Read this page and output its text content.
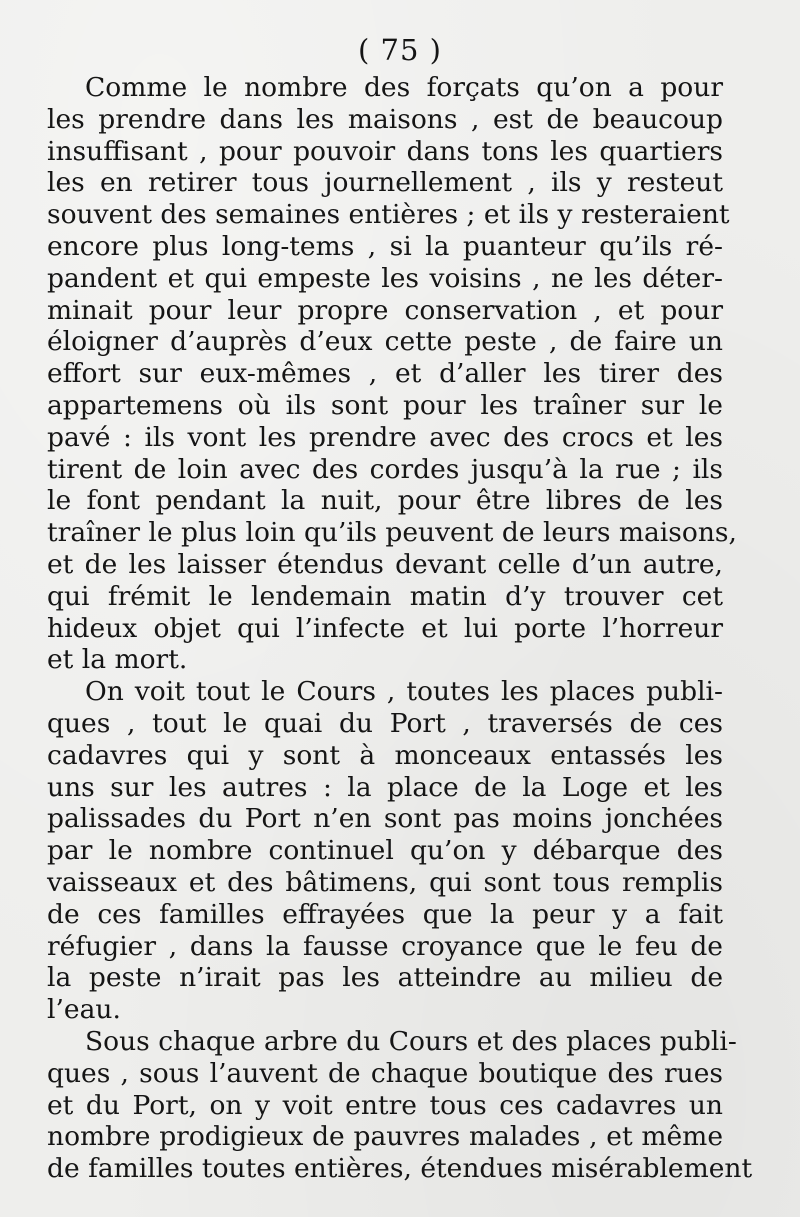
( 75 )
Comme le nombre des forçats qu’on a pour
les prendre dans les maisons , est de beaucoup
insuffisant , pour pouvoir dans tons les quartiers
les en retirer tous journellement , ils y resteut
souvent des semaines entières ; et ils y resteraient
encore plus long-tems , si la puanteur qu’ils ré-
pandent et qui empeste les voisins , ne les déter-
minait pour leur propre conservation , et pour
éloigner d’auprès d’eux cette peste , de faire un
effort sur eux-mêmes , et d’aller les tirer des
appartemens où ils sont pour les traîner sur le
pavé : ils vont les prendre avec des crocs et les
tirent de loin avec des cordes jusqu’à la rue ; ils
le font pendant la nuit, pour être libres de les
traîner le plus loin qu’ils peuvent de leurs maisons,
et de les laisser étendus devant celle d’un autre,
qui frémit le lendemain matin d’y trouver cet
hideux objet qui l’infecte et lui porte l’horreur
et la mort.
On voit tout le Cours , toutes les places publi-
ques , tout le quai du Port , traversés de ces
cadavres qui y sont à monceaux entassés les
uns sur les autres : la place de la Loge et les
palissades du Port n’en sont pas moins jonchées
par le nombre continuel qu’on y débarque des
vaisseaux et des bâtimens, qui sont tous remplis
de ces familles effrayées que la peur y a fait
réfugier , dans la fausse croyance que le feu de
la peste n’irait pas les atteindre au milieu de
l’eau.
Sous chaque arbre du Cours et des places publi-
ques , sous l’auvent de chaque boutique des rues
et du Port, on y voit entre tous ces cadavres un
nombre prodigieux de pauvres malades , et même
de familles toutes entières, étendues misérablement
